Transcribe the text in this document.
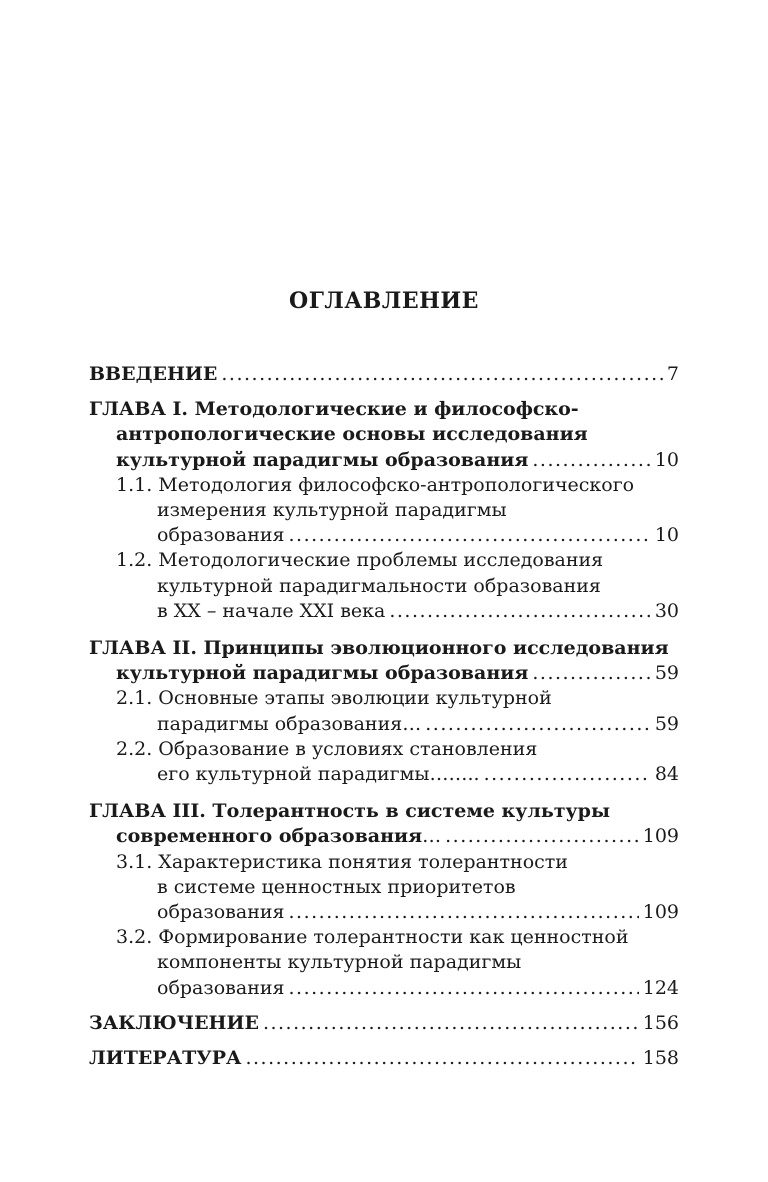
ОГЛАВЛЕНИЕ
ВВЕДЕНИЕ .....	7
ГЛАВА I. Методологические и философско-
антропологические основы исследования
культурной парадигмы образования .....	10
1.1. Методология философско-антропологического
измерения культурной парадигмы
образования .....	10
1.2. Методологические проблемы исследования
культурной парадигмальности образования
в XX – начале XXI века .....	30
ГЛАВА II. Принципы эволюционного исследования
культурной парадигмы образования .....	59
2.1. Основные этапы эволюции культурной
парадигмы образования… .....	59
2.2. Образование в условиях становления
его культурной парадигмы…….. .....	84
ГЛАВА III. Толерантность в системе культуры
современного образования… .....	109
3.1. Характеристика понятия толерантности
в системе ценностных приоритетов
образования .....	109
3.2. Формирование толерантности как ценностной
компоненты культурной парадигмы
образования .....	124
ЗАКЛЮЧЕНИЕ .....	156
ЛИТЕРАТУРА .....	158
